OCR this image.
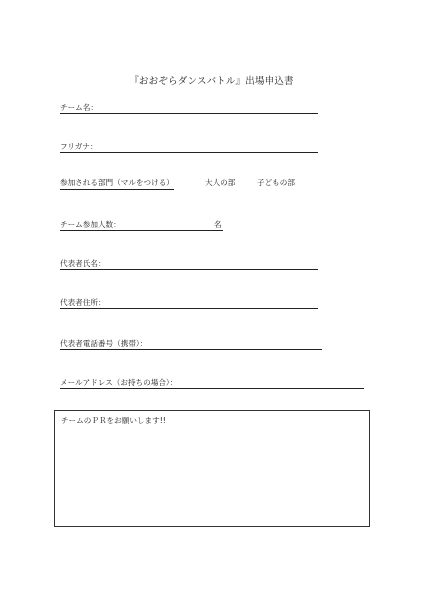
『おおぞらダンスバトル』出場申込書
チーム名：
フリガナ：
参加される部門（マルをつける）	大人の部	子どもの部
チーム参加人数：	名
代表者氏名：
代表者住所：
代表者電話番号（携帯）：
メールアドレス（お持ちの場合）：
チームのＰＲをお願いします!!
